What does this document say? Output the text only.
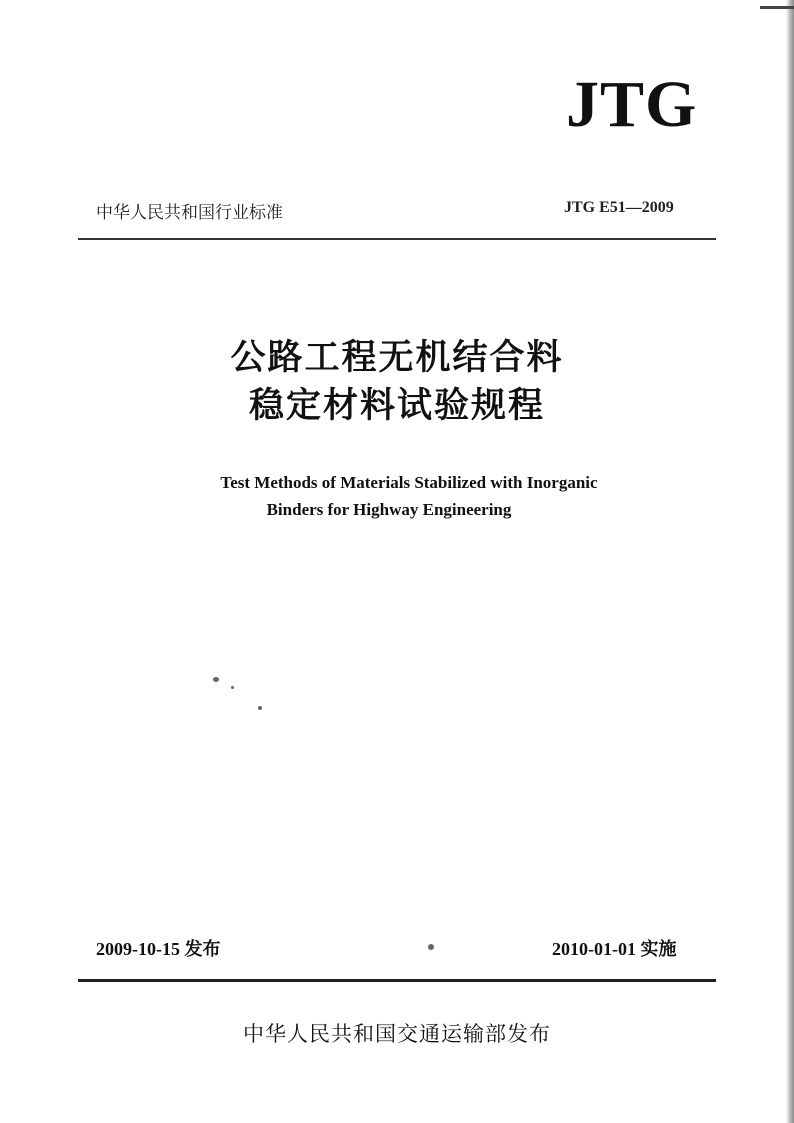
JTG
中华人民共和国行业标准	JTG E51—2009
公路工程无机结合料
稳定材料试验规程
Test Methods of Materials Stabilized with Inorganic
Binders for Highway Engineering
2009-10-15 发布	2010-01-01 实施
中华人民共和国交通运输部发布
